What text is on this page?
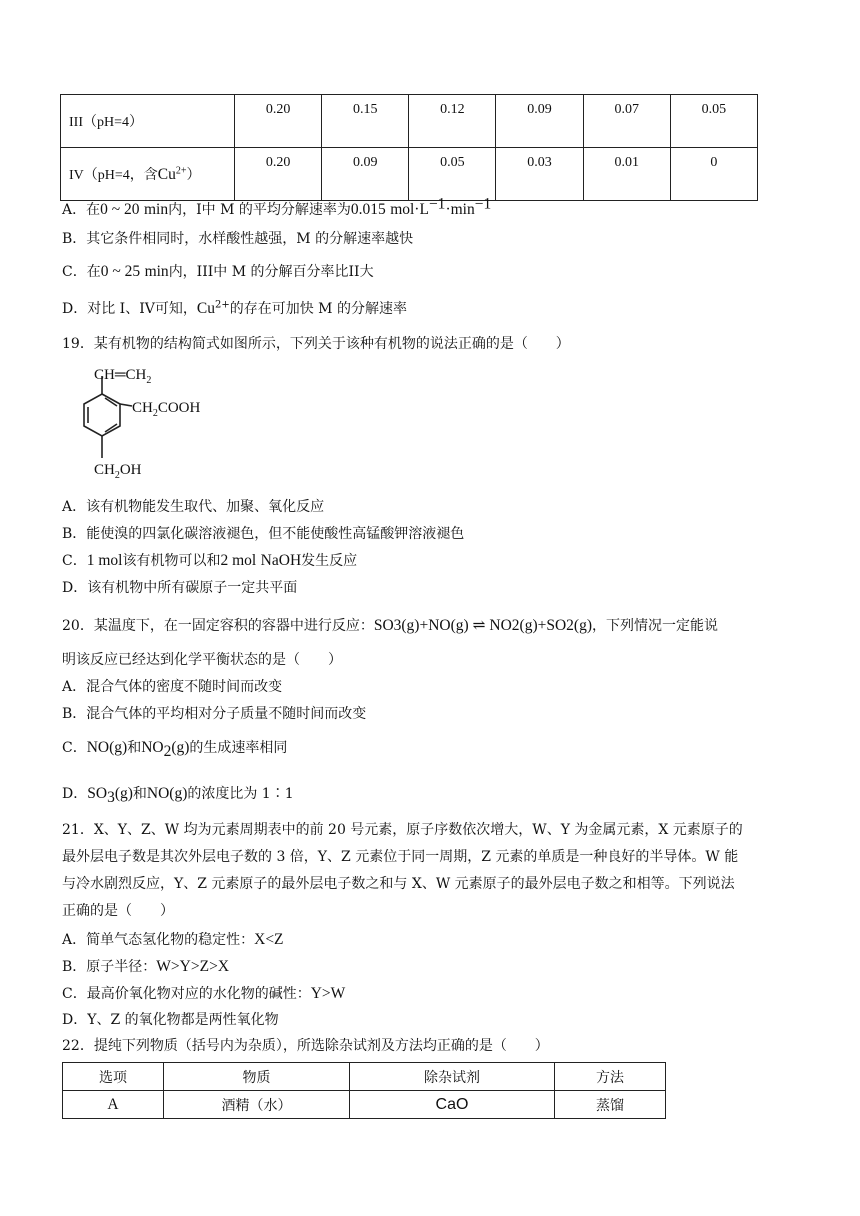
III（pH=4）	0.20	0.15	0.12	0.09	0.07	0.05
IV（pH=4，含$Cu^{2+}$）	0.20	0.09	0.05	0.03	0.01	0
A．在0 ~ 20 min内，I中 M 的平均分解速率为0.015 $mol\cdot L^{-1}\cdot\min^{-1}$
B．其它条件相同时，水样酸性越强，M 的分解速率越快
C．在0 ~ 25 min内，III中 M 的分解百分率比II大
D．对比 I、IV可知，$Cu^{2+}$的存在可加快 M 的分解速率
19．某有机物的结构简式如图所示，下列关于该种有机物的说法正确的是（　　）
$CH═CH_2$
$CH_2COOH$
$CH_2OH$
A．该有机物能发生取代、加聚、氧化反应
B．能使溴的四氯化碳溶液褪色，但不能使酸性高锰酸钾溶液褪色
C．1 mol该有机物可以和2 mol NaOH发生反应
D．该有机物中所有碳原子一定共平面
20．某温度下，在一固定容积的容器中进行反应：SO3(g)+NO(g) ⇌ NO2(g)+SO2(g)，下列情况一定能说
明该反应已经达到化学平衡状态的是（　　）
A．混合气体的密度不随时间而改变
B．混合气体的平均相对分子质量不随时间而改变
C．NO(g)和$NO_2(g)$的生成速率相同
D．$SO_3(g)$和NO(g)的浓度比为 1∶1
21．X、Y、Z、W 均为元素周期表中的前 20 号元素，原子序数依次增大，W、Y 为金属元素，X 元素原子的
最外层电子数是其次外层电子数的 3 倍，Y、Z 元素位于同一周期，Z 元素的单质是一种良好的半导体。W 能
与冷水剧烈反应，Y、Z 元素原子的最外层电子数之和与 X、W 元素原子的最外层电子数之和相等。下列说法
正确的是（　　）
A．简单气态氢化物的稳定性：X<Z
B．原子半径：W>Y>Z>X
C．最高价氧化物对应的水化物的碱性：Y>W
D．Y、Z 的氧化物都是两性氧化物
22．提纯下列物质（括号内为杂质），所选除杂试剂及方法均正确的是（　　）
选项	物质	除杂试剂	方法
A	酒精（水）	CaO	蒸馏
